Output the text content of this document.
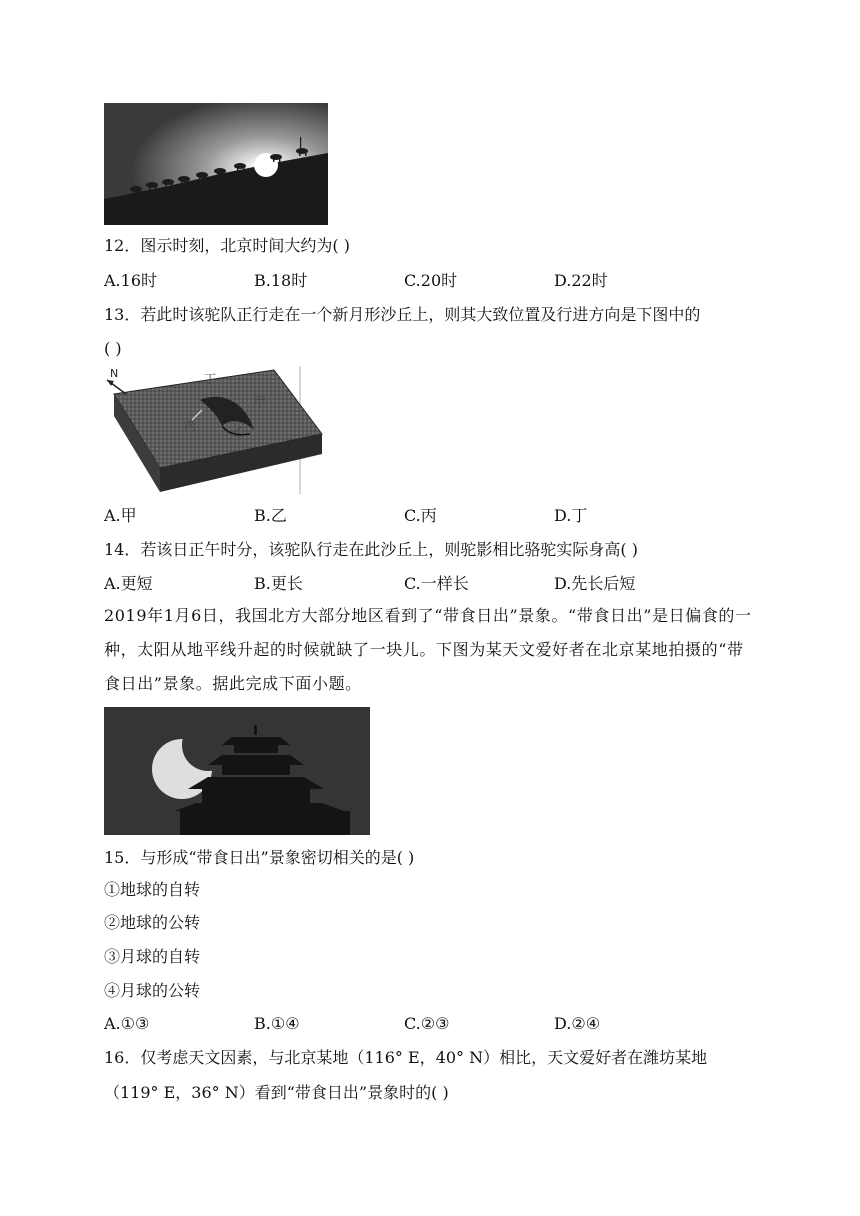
12．图示时刻，北京时间大约为( )
A.16时	B.18时	C.20时	D.22时
13．若此时该驼队正行走在一个新月形沙丘上，则其大致位置及行进方向是下图中的
( )
N	丁
甲
丙	乙
A.甲	B.乙	C.丙	D.丁
14．若该日正午时分，该驼队行走在此沙丘上，则驼影相比骆驼实际身高( )
A.更短	B.更长	C.一样长	D.先长后短
2019年1月6日，我国北方大部分地区看到了“带食日出”景象。“带食日出”是日偏食的一种，太阳从地平线升起的时候就缺了一块儿。下图为某天文爱好者在北京某地拍摄的“带食日出”景象。据此完成下面小题。
15．与形成“带食日出”景象密切相关的是( )
①地球的自转
②地球的公转
③月球的自转
④月球的公转
A.①③	B.①④	C.②③	D.②④
16．仅考虑天文因素，与北京某地（116° E，40° N）相比，天文爱好者在潍坊某地
（119° E，36° N）看到“带食日出”景象时的( )
